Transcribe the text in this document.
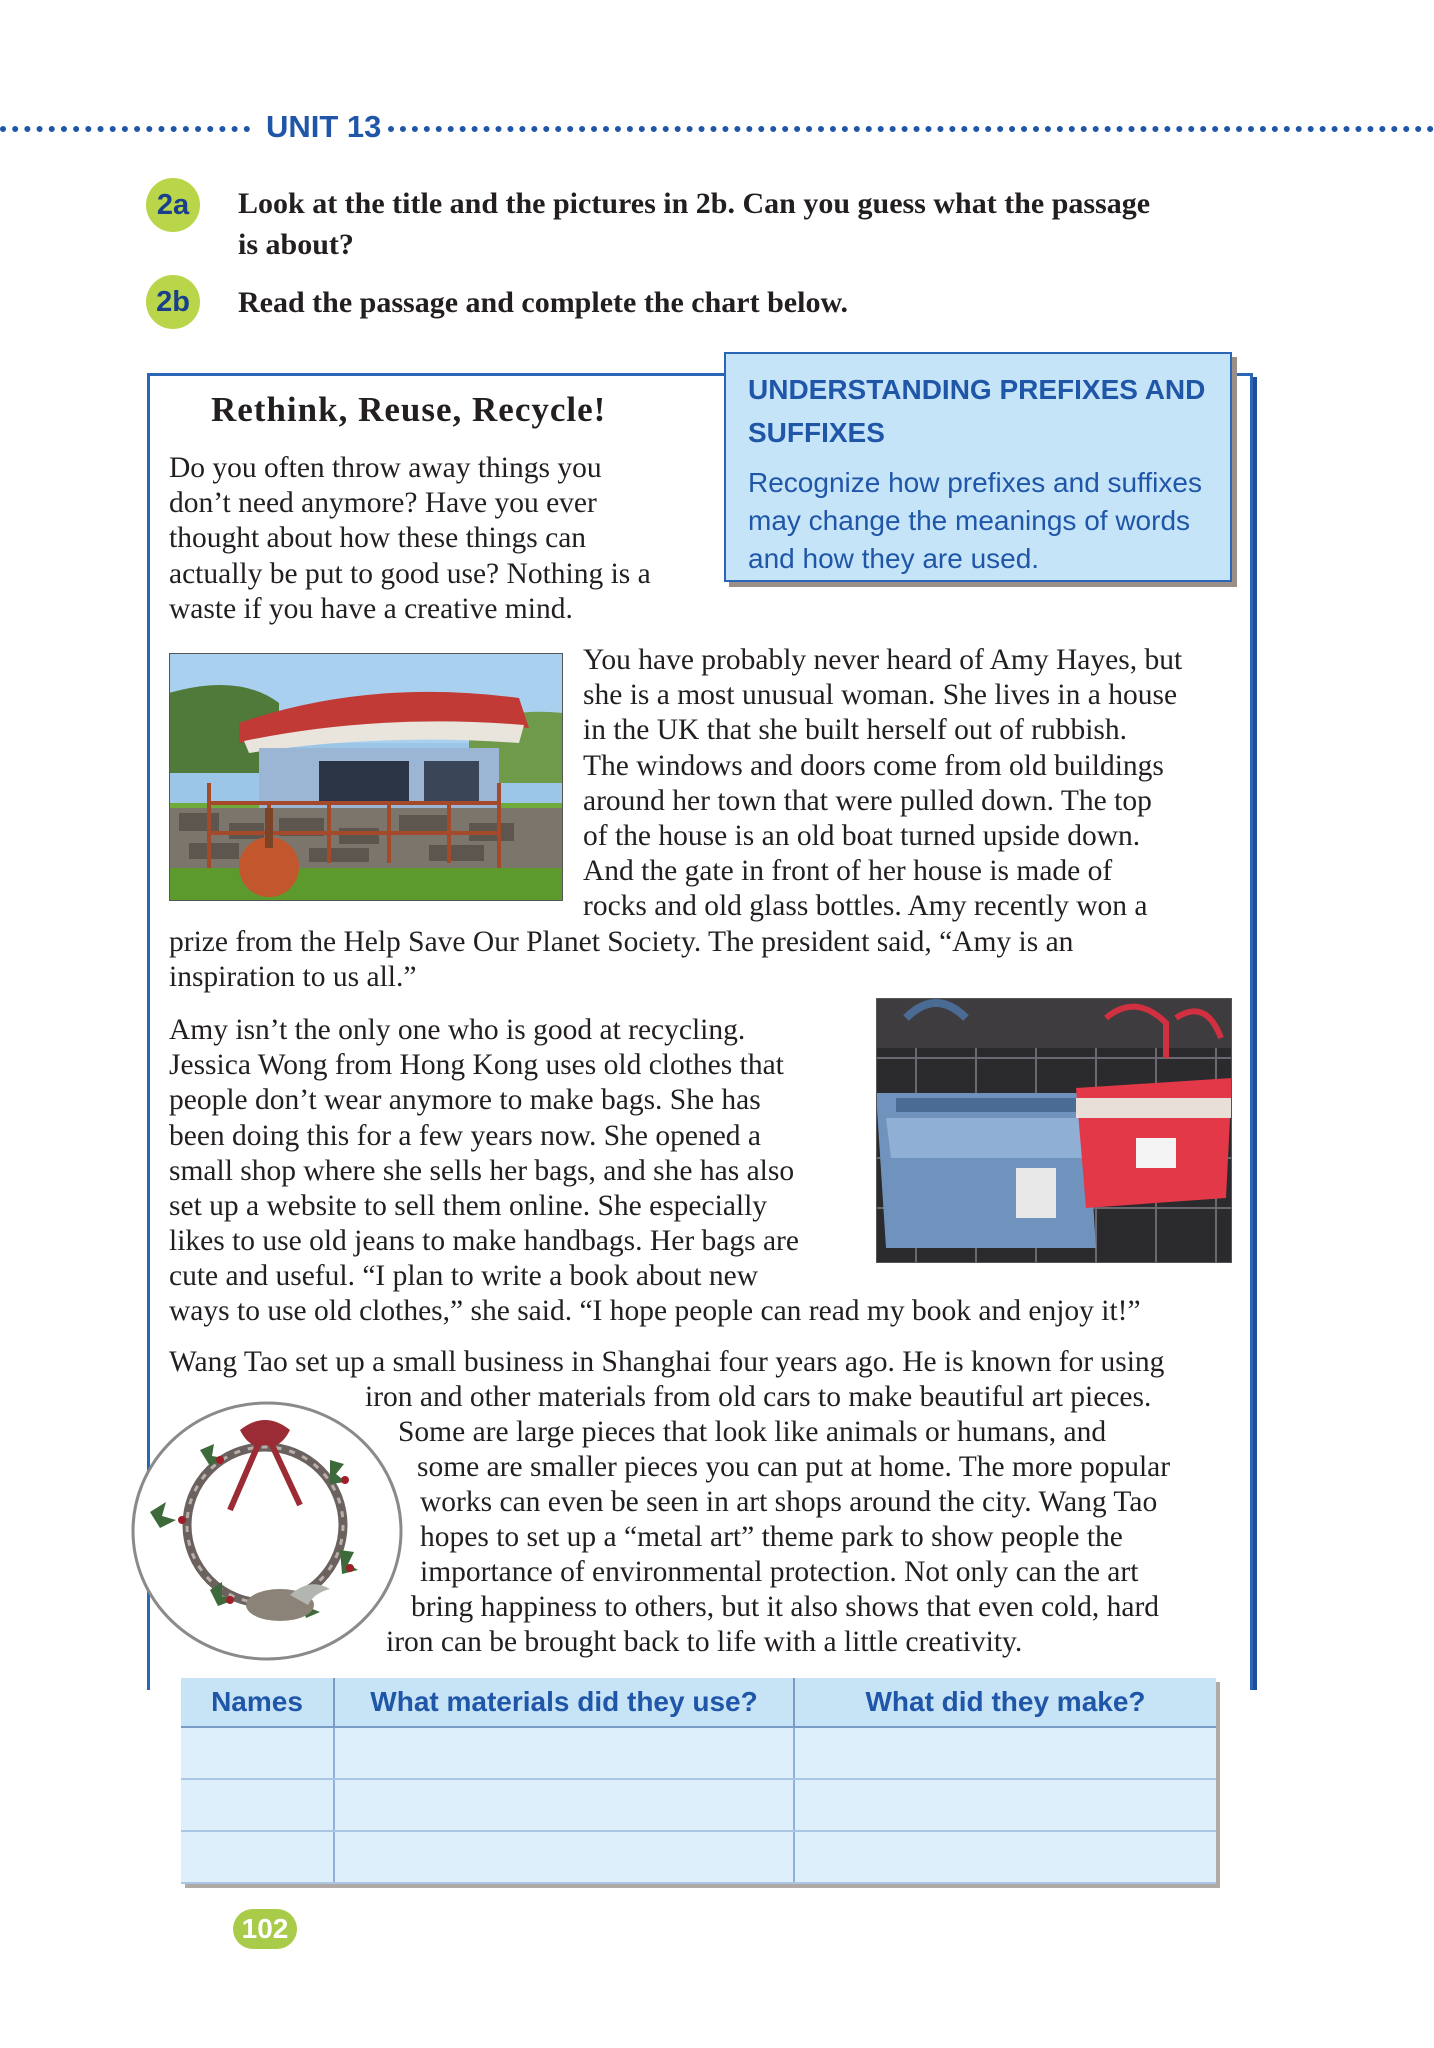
UNIT 13
2a	Look at the title and the pictures in 2b. Can you guess what the passage
is about?
2b	Read the passage and complete the chart below.
Rethink, Reuse, Recycle!

Do you often throw away things you

don’t need anymore? Have you ever

thought about how these things can

actually be put to good use? Nothing is a

waste if you have a creative mind.

UNDERSTANDING PREFIXES AND
SUFFIXES
Recognize how prefixes and suffixes
may change the meanings of words
and how they are used.

You have probably never heard of Amy Hayes, but

she is a most unusual woman. She lives in a house

in the UK that she built herself out of rubbish.

The windows and doors come from old buildings

around her town that were pulled down. The top

of the house is an old boat turned upside down.

And the gate in front of her house is made of

rocks and old glass bottles. Amy recently won a

prize from the Help Save Our Planet Society. The president said, “Amy is an

inspiration to us all.”

Amy isn’t the only one who is good at recycling.

Jessica Wong from Hong Kong uses old clothes that

people don’t wear anymore to make bags. She has

been doing this for a few years now. She opened a

small shop where she sells her bags, and she has also

set up a website to sell them online. She especially

likes to use old jeans to make handbags. Her bags are

cute and useful. “I plan to write a book about new

ways to use old clothes,” she said. “I hope people can read my book and enjoy it!”
Wang Tao set up a small business in Shanghai four years ago. He is known for using
iron and other materials from old cars to make beautiful art pieces.
Some are large pieces that look like animals or humans, and
some are smaller pieces you can put at home. The more popular
works can even be seen in art shops around the city. Wang Tao
hopes to set up a “metal art” theme park to show people the
importance of environmental protection. Not only can the art
bring happiness to others, but it also shows that even cold, hard
iron can be brought back to life with a little creativity.
Names	What materials did they use?	What did they make?

102
